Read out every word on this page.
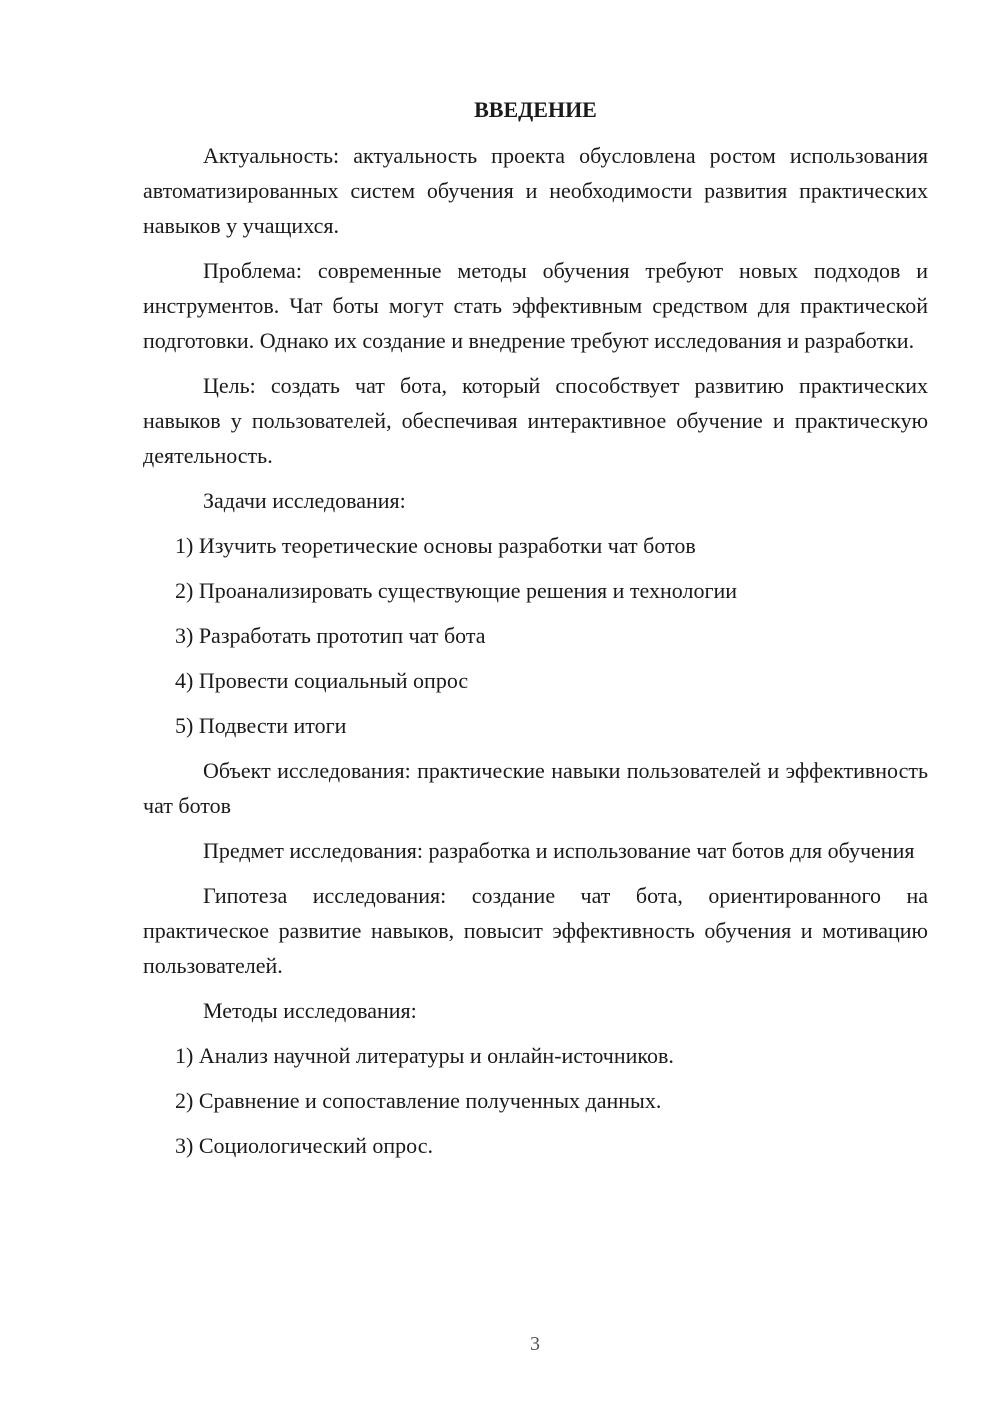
ВВЕДЕНИЕ

Актуальность: актуальность проекта обусловлена ростом использования автоматизированных систем обучения и необходимости развития практических навыков у учащихся.

Проблема: современные методы обучения требуют новых подходов и инструментов. Чат боты могут стать эффективным средством для практической подготовки. Однако их создание и внедрение требуют исследования и разработки.

Цель: создать чат бота, который способствует развитию практических навыков у пользователей, обеспечивая интерактивное обучение и практическую деятельность.

Задачи исследования:

1) Изучить теоретические основы разработки чат ботов

2) Проанализировать существующие решения и технологии

3) Разработать прототип чат бота

4) Провести социальный опрос

5) Подвести итоги

Объект исследования: практические навыки пользователей и эффективность чат ботов

Предмет исследования: разработка и использование чат ботов для обучения

Гипотеза исследования: создание чат бота, ориентированного на практическое развитие навыков, повысит эффективность обучения и мотивацию пользователей.

Методы исследования:

1) Анализ научной литературы и онлайн-источников.

2) Сравнение и сопоставление полученных данных.

3) Социологический опрос.

3
